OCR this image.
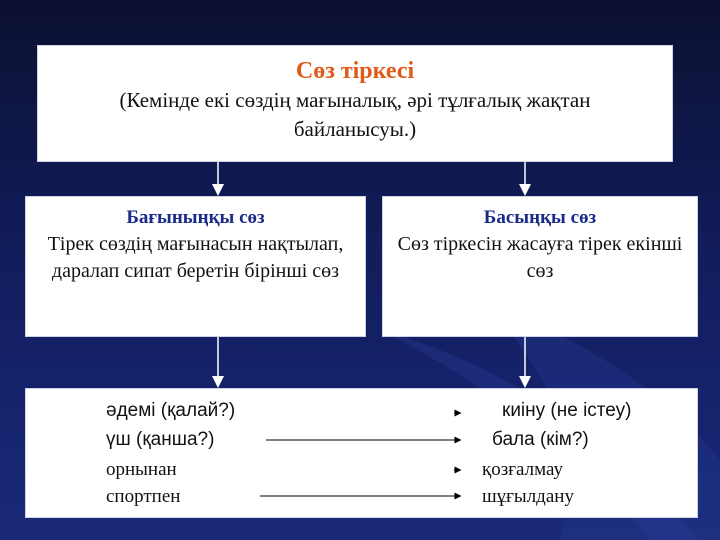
Сөз тіркесі
(Кемінде екі сөздің мағыналық, әрі тұлғалық жақтан байланысуы.)
Бағыныңқы сөз
Тірек сөздің мағынасын нақтылап, даралап сипат беретін бірінші сөз
Басыңқы сөз
Сөз тіркесін жасауға тірек екінші сөз
әдемі (қалай?)	киіну (не істеу)
үш (қанша?)	бала (кім?)
орнынан	қозғалмау
спортпен	шұғылдану
